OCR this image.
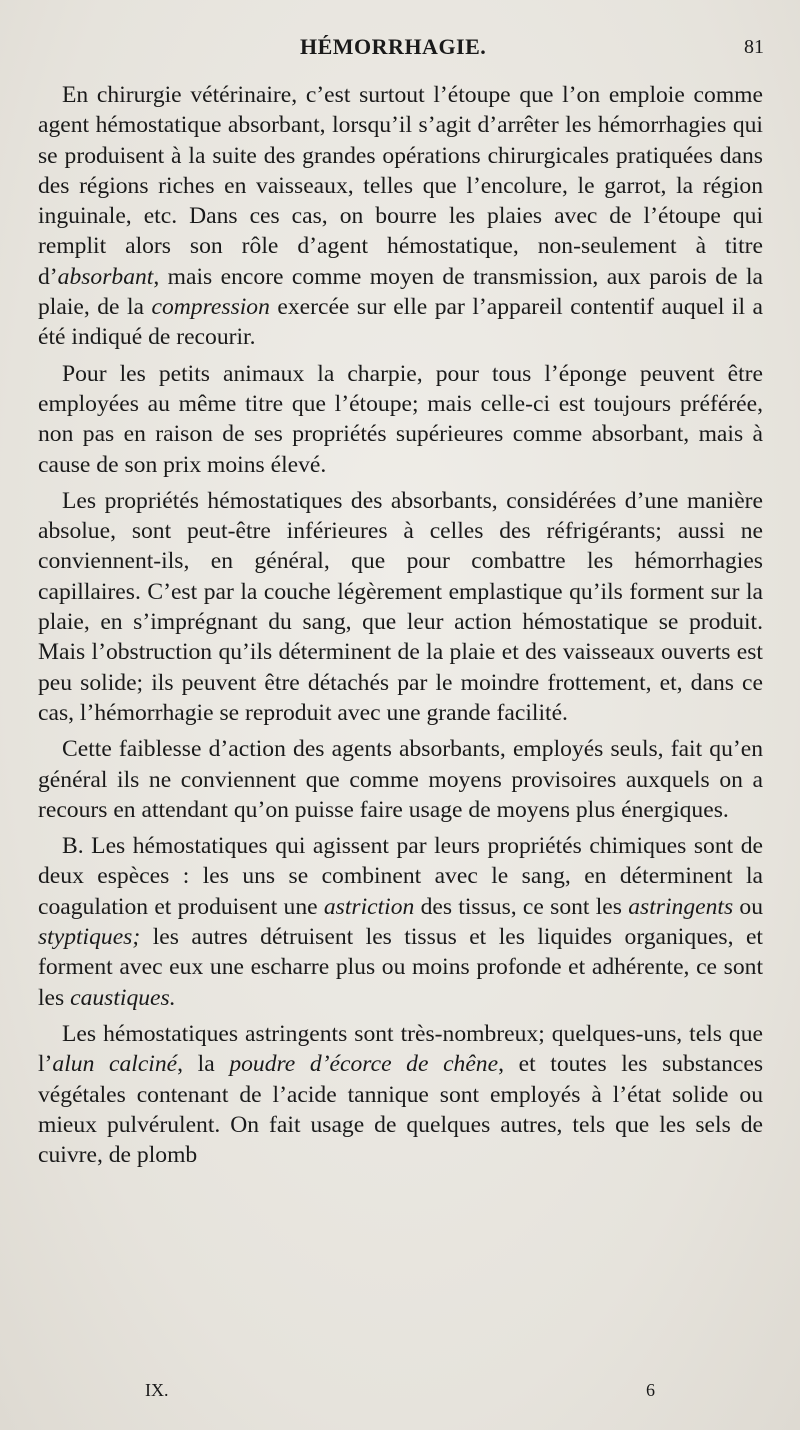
HÉMORRHAGIE.	81

En chirurgie vétérinaire, c’est surtout l’étoupe que l’on emploie comme agent hémostatique absorbant, lorsqu’il s’agit d’arrêter les hémorrhagies qui se produisent à la suite des grandes opérations chirurgicales pratiquées dans des régions riches en vaisseaux, telles que l’encolure, le garrot, la région inguinale, etc. Dans ces cas, on bourre les plaies avec de l’étoupe qui remplit alors son rôle d’agent hémostatique, non-seulement à titre d’absorbant, mais encore comme moyen de transmission, aux parois de la plaie, de la compression exercée sur elle par l’appareil contentif auquel il a été indiqué de recourir.

Pour les petits animaux la charpie, pour tous l’éponge peuvent être employées au même titre que l’étoupe; mais celle-ci est toujours préférée, non pas en raison de ses propriétés supérieures comme absorbant, mais à cause de son prix moins élevé.

Les propriétés hémostatiques des absorbants, considérées d’une manière absolue, sont peut-être inférieures à celles des réfrigérants; aussi ne conviennent-ils, en général, que pour combattre les hémorrhagies capillaires. C’est par la couche légèrement emplastique qu’ils forment sur la plaie, en s’imprégnant du sang, que leur action hémostatique se produit. Mais l’obstruction qu’ils déterminent de la plaie et des vaisseaux ouverts est peu solide; ils peuvent être détachés par le moindre frottement, et, dans ce cas, l’hémorrhagie se reproduit avec une grande facilité.

Cette faiblesse d’action des agents absorbants, employés seuls, fait qu’en général ils ne conviennent que comme moyens provisoires auxquels on a recours en attendant qu’on puisse faire usage de moyens plus énergiques.

B. Les hémostatiques qui agissent par leurs propriétés chimiques sont de deux espèces : les uns se combinent avec le sang, en déterminent la coagulation et produisent une astriction des tissus, ce sont les astringents ou styptiques; les autres détruisent les tissus et les liquides organiques, et forment avec eux une escharre plus ou moins profonde et adhérente, ce sont les caustiques.

Les hémostatiques astringents sont très-nombreux; quelques-uns, tels que l’alun calciné, la poudre d’écorce de chêne, et toutes les substances végétales contenant de l’acide tannique sont employés à l’état solide ou mieux pulvérulent. On fait usage de quelques autres, tels que les sels de cuivre, de plomb

IX.	6
